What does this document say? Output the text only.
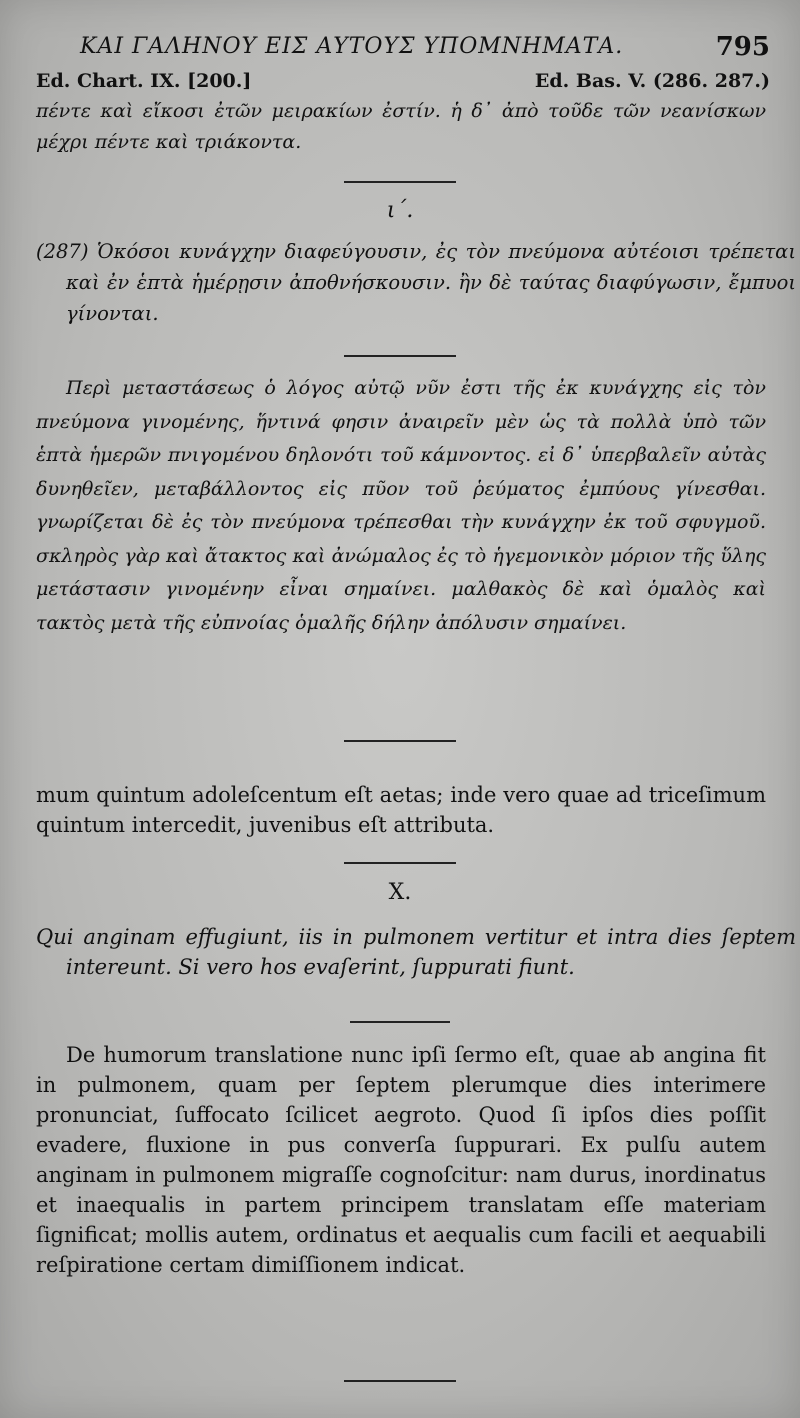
ΚΑΙ ΓΑΛΗΝΟΥ ΕΙΣ ΑΥΤΟΥΣ ΥΠΟΜΝΗΜΑΤΑ.	795
Ed. Chart. IX. [200.]	Ed. Bas. V. (286. 287.)
πέντε καὶ εἴκοσι ἐτῶν μειρακίων ἐστίν. ἡ δ᾽ ἀπὸ τοῦδε τῶν νεανίσκων μέχρι πέντε καὶ τριάκοντα.
ι΄.
(287) Ὁκόσοι κυνάγχην διαφεύγουσιν, ἐς τὸν πνεύμονα αὐτέοισι τρέπεται καὶ ἐν ἑπτὰ ἡμέρῃσιν ἀποθνήσκουσιν. ἢν δὲ ταύτας διαφύγωσιν, ἔμπυοι γίνονται.
Περὶ μεταστάσεως ὁ λόγος αὐτῷ νῦν ἐστι τῆς ἐκ κυνάγχης εἰς τὸν πνεύμονα γινομένης, ἥντινά φησιν ἀναιρεῖν μὲν ὡς τὰ πολλὰ ὑπὸ τῶν ἑπτὰ ἡμερῶν πνιγομένου δηλονότι τοῦ κάμνοντος. εἰ δ᾽ ὑπερβαλεῖν αὐτὰς δυνηθεῖεν, μεταβάλλοντος εἰς πῦον τοῦ ῥεύματος ἐμπύους γίνεσθαι. γνωρίζεται δὲ ἐς τὸν πνεύμονα τρέπεσθαι τὴν κυνάγχην ἐκ τοῦ σφυγμοῦ. σκληρὸς γὰρ καὶ ἄτακτος καὶ ἀνώμαλος ἐς τὸ ἡγεμονικὸν μόριον τῆς ὕλης μετάστασιν γινομένην εἶναι σημαίνει. μαλθακὸς δὲ καὶ ὁμαλὸς καὶ τακτὸς μετὰ τῆς εὐπνοίας ὁμαλῆς δήλην ἀπόλυσιν σημαίνει.
mum quintum adoleſcentum eſt aetas; inde vero quae ad triceſimum quintum intercedit, juvenibus eſt attributa.
X.
Qui anginam effugiunt, iis in pulmonem vertitur et intra dies ſeptem intereunt. Si vero hos evaſerint, ſuppurati fiunt.
De humorum translatione nunc ipſi ſermo eſt, quae ab angina fit in pulmonem, quam per ſeptem plerumque dies interimere pronunciat, ſuffocato ſcilicet aegroto. Quod ſi ipſos dies poſſit evadere, fluxione in pus converſa ſuppurari. Ex pulſu autem anginam in pulmonem migraſſe cognoſcitur: nam durus, inordinatus et inaequalis in partem principem translatam eſſe materiam ſignificat; mollis autem, ordinatus et aequalis cum facili et aequabili reſpiratione certam dimiſſionem indicat.
